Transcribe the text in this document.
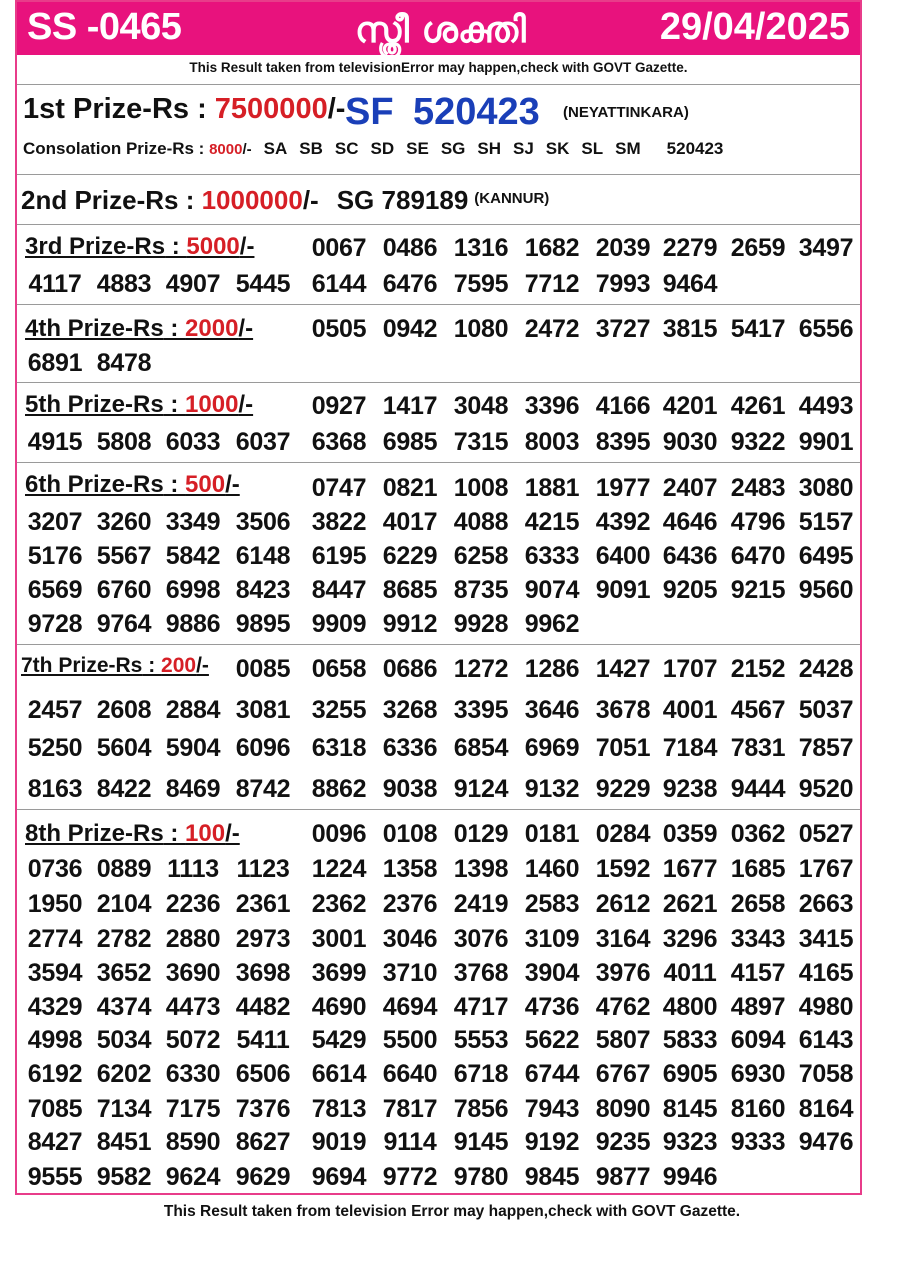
SS -0465	സ്ത്രീ ശക്തി	29/04/2025
This Result taken from televisionError may happen,check with GOVT Gazette.
1st Prize-Rs : 7500000/- SF 520423 (NEYATTINKARA)
Consolation Prize-Rs : 8000/- SA SB SC SD SE SG SH SJ SK SL SM 520423
2nd Prize-Rs : 1000000/- SG 789189 $^{(KANNUR)}$
3rd Prize-Rs : 5000/-	0067 0486 1316 1682 2039 2279 2659 3497
4117 4883 4907 5445 6144 6476 7595 7712 7993 9464
4th Prize-Rs : 2000/-	0505 0942 1080 2472 3727 3815 5417 6556
6891 8478
5th Prize-Rs : 1000/-	0927 1417 3048 3396 4166 4201 4261 4493
4915 5808 6033 6037 6368 6985 7315 8003 8395 9030 9322 9901
6th Prize-Rs : 500/-	0747 0821 1008 1881 1977 2407 2483 3080
3207 3260 3349 3506 3822 4017 4088 4215 4392 4646 4796 5157
5176 5567 5842 6148 6195 6229 6258 6333 6400 6436 6470 6495
6569 6760 6998 8423 8447 8685 8735 9074 9091 9205 9215 9560
9728 9764 9886 9895 9909 9912 9928 9962
7th Prize-Rs : 200/-	0085 0658 0686 1272 1286 1427 1707 2152 2428
2457 2608 2884 3081 3255 3268 3395 3646 3678 4001 4567 5037
5250 5604 5904 6096 6318 6336 6854 6969 7051 7184 7831 7857
8163 8422 8469 8742 8862 9038 9124 9132 9229 9238 9444 9520
8th Prize-Rs : 100/-	0096 0108 0129 0181 0284 0359 0362 0527
0736 0889 1113 1123 1224 1358 1398 1460 1592 1677 1685 1767
1950 2104 2236 2361 2362 2376 2419 2583 2612 2621 2658 2663
2774 2782 2880 2973 3001 3046 3076 3109 3164 3296 3343 3415
3594 3652 3690 3698 3699 3710 3768 3904 3976 4011 4157 4165
4329 4374 4473 4482 4690 4694 4717 4736 4762 4800 4897 4980
4998 5034 5072 5411 5429 5500 5553 5622 5807 5833 6094 6143
6192 6202 6330 6506 6614 6640 6718 6744 6767 6905 6930 7058
7085 7134 7175 7376 7813 7817 7856 7943 8090 8145 8160 8164
8427 8451 8590 8627 9019 9114 9145 9192 9235 9323 9333 9476
9555 9582 9624 9629 9694 9772 9780 9845 9877 9946
This Result taken from television Error may happen,check with GOVT Gazette.
